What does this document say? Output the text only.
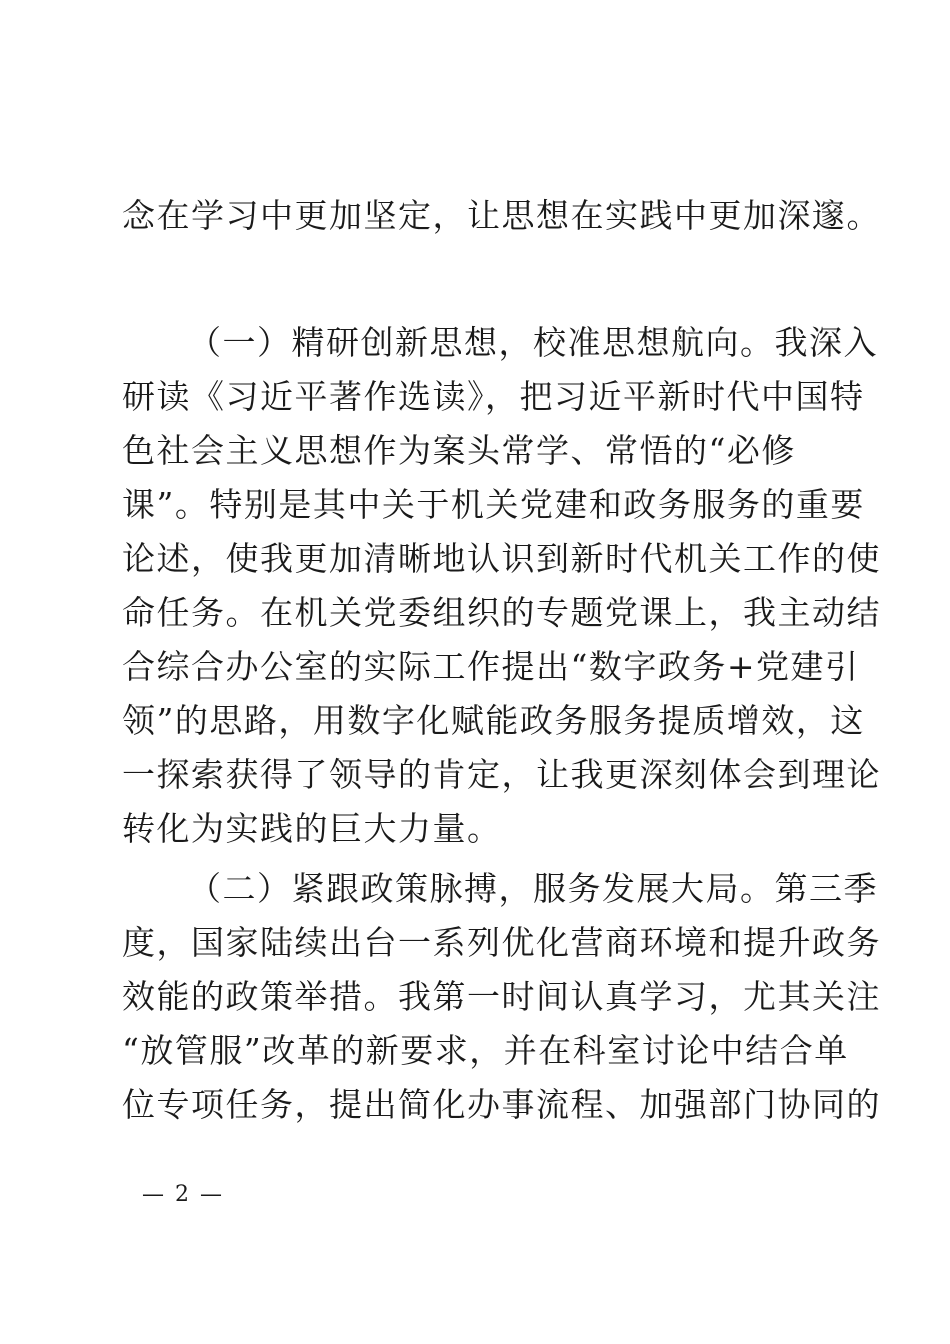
念在学习中更加坚定，让思想在实践中更加深邃。
（一）精研创新思想，校准思想航向。我深入
研读《习近平著作选读》，把习近平新时代中国特
色社会主义思想作为案头常学、常悟的“必修
课”。特别是其中关于机关党建和政务服务的重要
论述，使我更加清晰地认识到新时代机关工作的使
命任务。在机关党委组织的专题党课上，我主动结
合综合办公室的实际工作提出“数字政务+党建引
领”的思路，用数字化赋能政务服务提质增效，这
一探索获得了领导的肯定，让我更深刻体会到理论
转化为实践的巨大力量。
（二）紧跟政策脉搏，服务发展大局。第三季
度，国家陆续出台一系列优化营商环境和提升政务
效能的政策举措。我第一时间认真学习，尤其关注
“放管服”改革的新要求，并在科室讨论中结合单
位专项任务，提出简化办事流程、加强部门协同的
— 2 —
